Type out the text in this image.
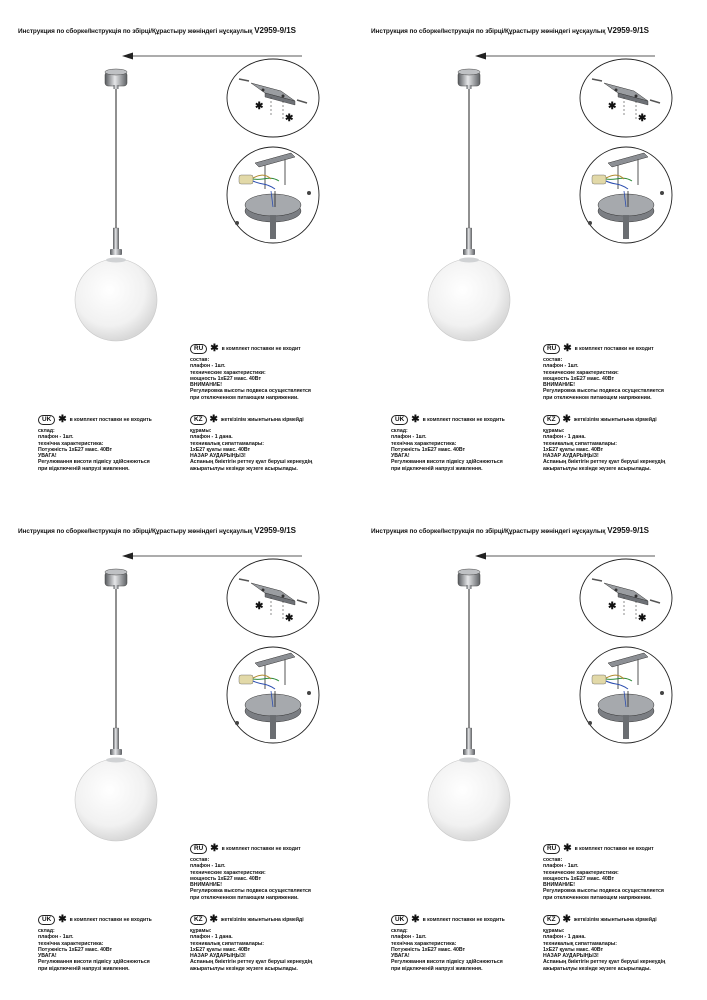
Инструкция по сборке/Інструкція по збірці/Құрастыру жөніндегі нұсқаулық V2959-9/1S
✱
✱
RU ✱ в комплект поставки не входит
состав:
плафон - 1шт.
технические характеристики:
мощность 1хЕ27 макс. 40Вт
ВНИМАНИЕ!
Регулировка высоты подвеса осуществляется
при отключенном питающем напряжении.
UK ✱ в комплект поставки не входить
склад:
плафон - 1шт.
технічна характеристика:
Потужність 1хЕ27 макс. 40Вт
УВАГА!
Регулювання висоти підвісу здійснюються
при відключеній напрузі живлення.
KZ ✱ жеткізілім жиынтығына кірмейді
құрамы:
плафон - 1 дана.
техникалық сипаттамалары:
1хЕ27 қуаты макс. 40Вт
НАЗАР АУДАРЫҢЫЗ!
Аспаның биіктігін реттеу қуат беруші кернеудің
ажыратылуы кезінде жүзеге асырылады.
Инструкция по сборке/Інструкція по збірці/Құрастыру жөніндегі нұсқаулық V2959-9/1S
✱
✱
RU ✱ в комплект поставки не входит
состав:
плафон - 1шт.
технические характеристики:
мощность 1хЕ27 макс. 40Вт
ВНИМАНИЕ!
Регулировка высоты подвеса осуществляется
при отключенном питающем напряжении.
UK ✱ в комплект поставки не входить
склад:
плафон - 1шт.
технічна характеристика:
Потужність 1хЕ27 макс. 40Вт
УВАГА!
Регулювання висоти підвісу здійснюються
при відключеній напрузі живлення.
KZ ✱ жеткізілім жиынтығына кірмейді
құрамы:
плафон - 1 дана.
техникалық сипаттамалары:
1хЕ27 қуаты макс. 40Вт
НАЗАР АУДАРЫҢЫЗ!
Аспаның биіктігін реттеу қуат беруші кернеудің
ажыратылуы кезінде жүзеге асырылады.
Инструкция по сборке/Інструкція по збірці/Құрастыру жөніндегі нұсқаулық V2959-9/1S
✱
✱
RU ✱ в комплект поставки не входит
состав:
плафон - 1шт.
технические характеристики:
мощность 1хЕ27 макс. 40Вт
ВНИМАНИЕ!
Регулировка высоты подвеса осуществляется
при отключенном питающем напряжении.
UK ✱ в комплект поставки не входить
склад:
плафон - 1шт.
технічна характеристика:
Потужність 1хЕ27 макс. 40Вт
УВАГА!
Регулювання висоти підвісу здійснюються
при відключеній напрузі живлення.
KZ ✱ жеткізілім жиынтығына кірмейді
құрамы:
плафон - 1 дана.
техникалық сипаттамалары:
1хЕ27 қуаты макс. 40Вт
НАЗАР АУДАРЫҢЫЗ!
Аспаның биіктігін реттеу қуат беруші кернеудің
ажыратылуы кезінде жүзеге асырылады.
Инструкция по сборке/Інструкція по збірці/Құрастыру жөніндегі нұсқаулық V2959-9/1S
✱
✱
RU ✱ в комплект поставки не входит
состав:
плафон - 1шт.
технические характеристики:
мощность 1хЕ27 макс. 40Вт
ВНИМАНИЕ!
Регулировка высоты подвеса осуществляется
при отключенном питающем напряжении.
UK ✱ в комплект поставки не входить
склад:
плафон - 1шт.
технічна характеристика:
Потужність 1хЕ27 макс. 40Вт
УВАГА!
Регулювання висоти підвісу здійснюються
при відключеній напрузі живлення.
KZ ✱ жеткізілім жиынтығына кірмейді
құрамы:
плафон - 1 дана.
техникалық сипаттамалары:
1хЕ27 қуаты макс. 40Вт
НАЗАР АУДАРЫҢЫЗ!
Аспаның биіктігін реттеу қуат беруші кернеудің
ажыратылуы кезінде жүзеге асырылады.
